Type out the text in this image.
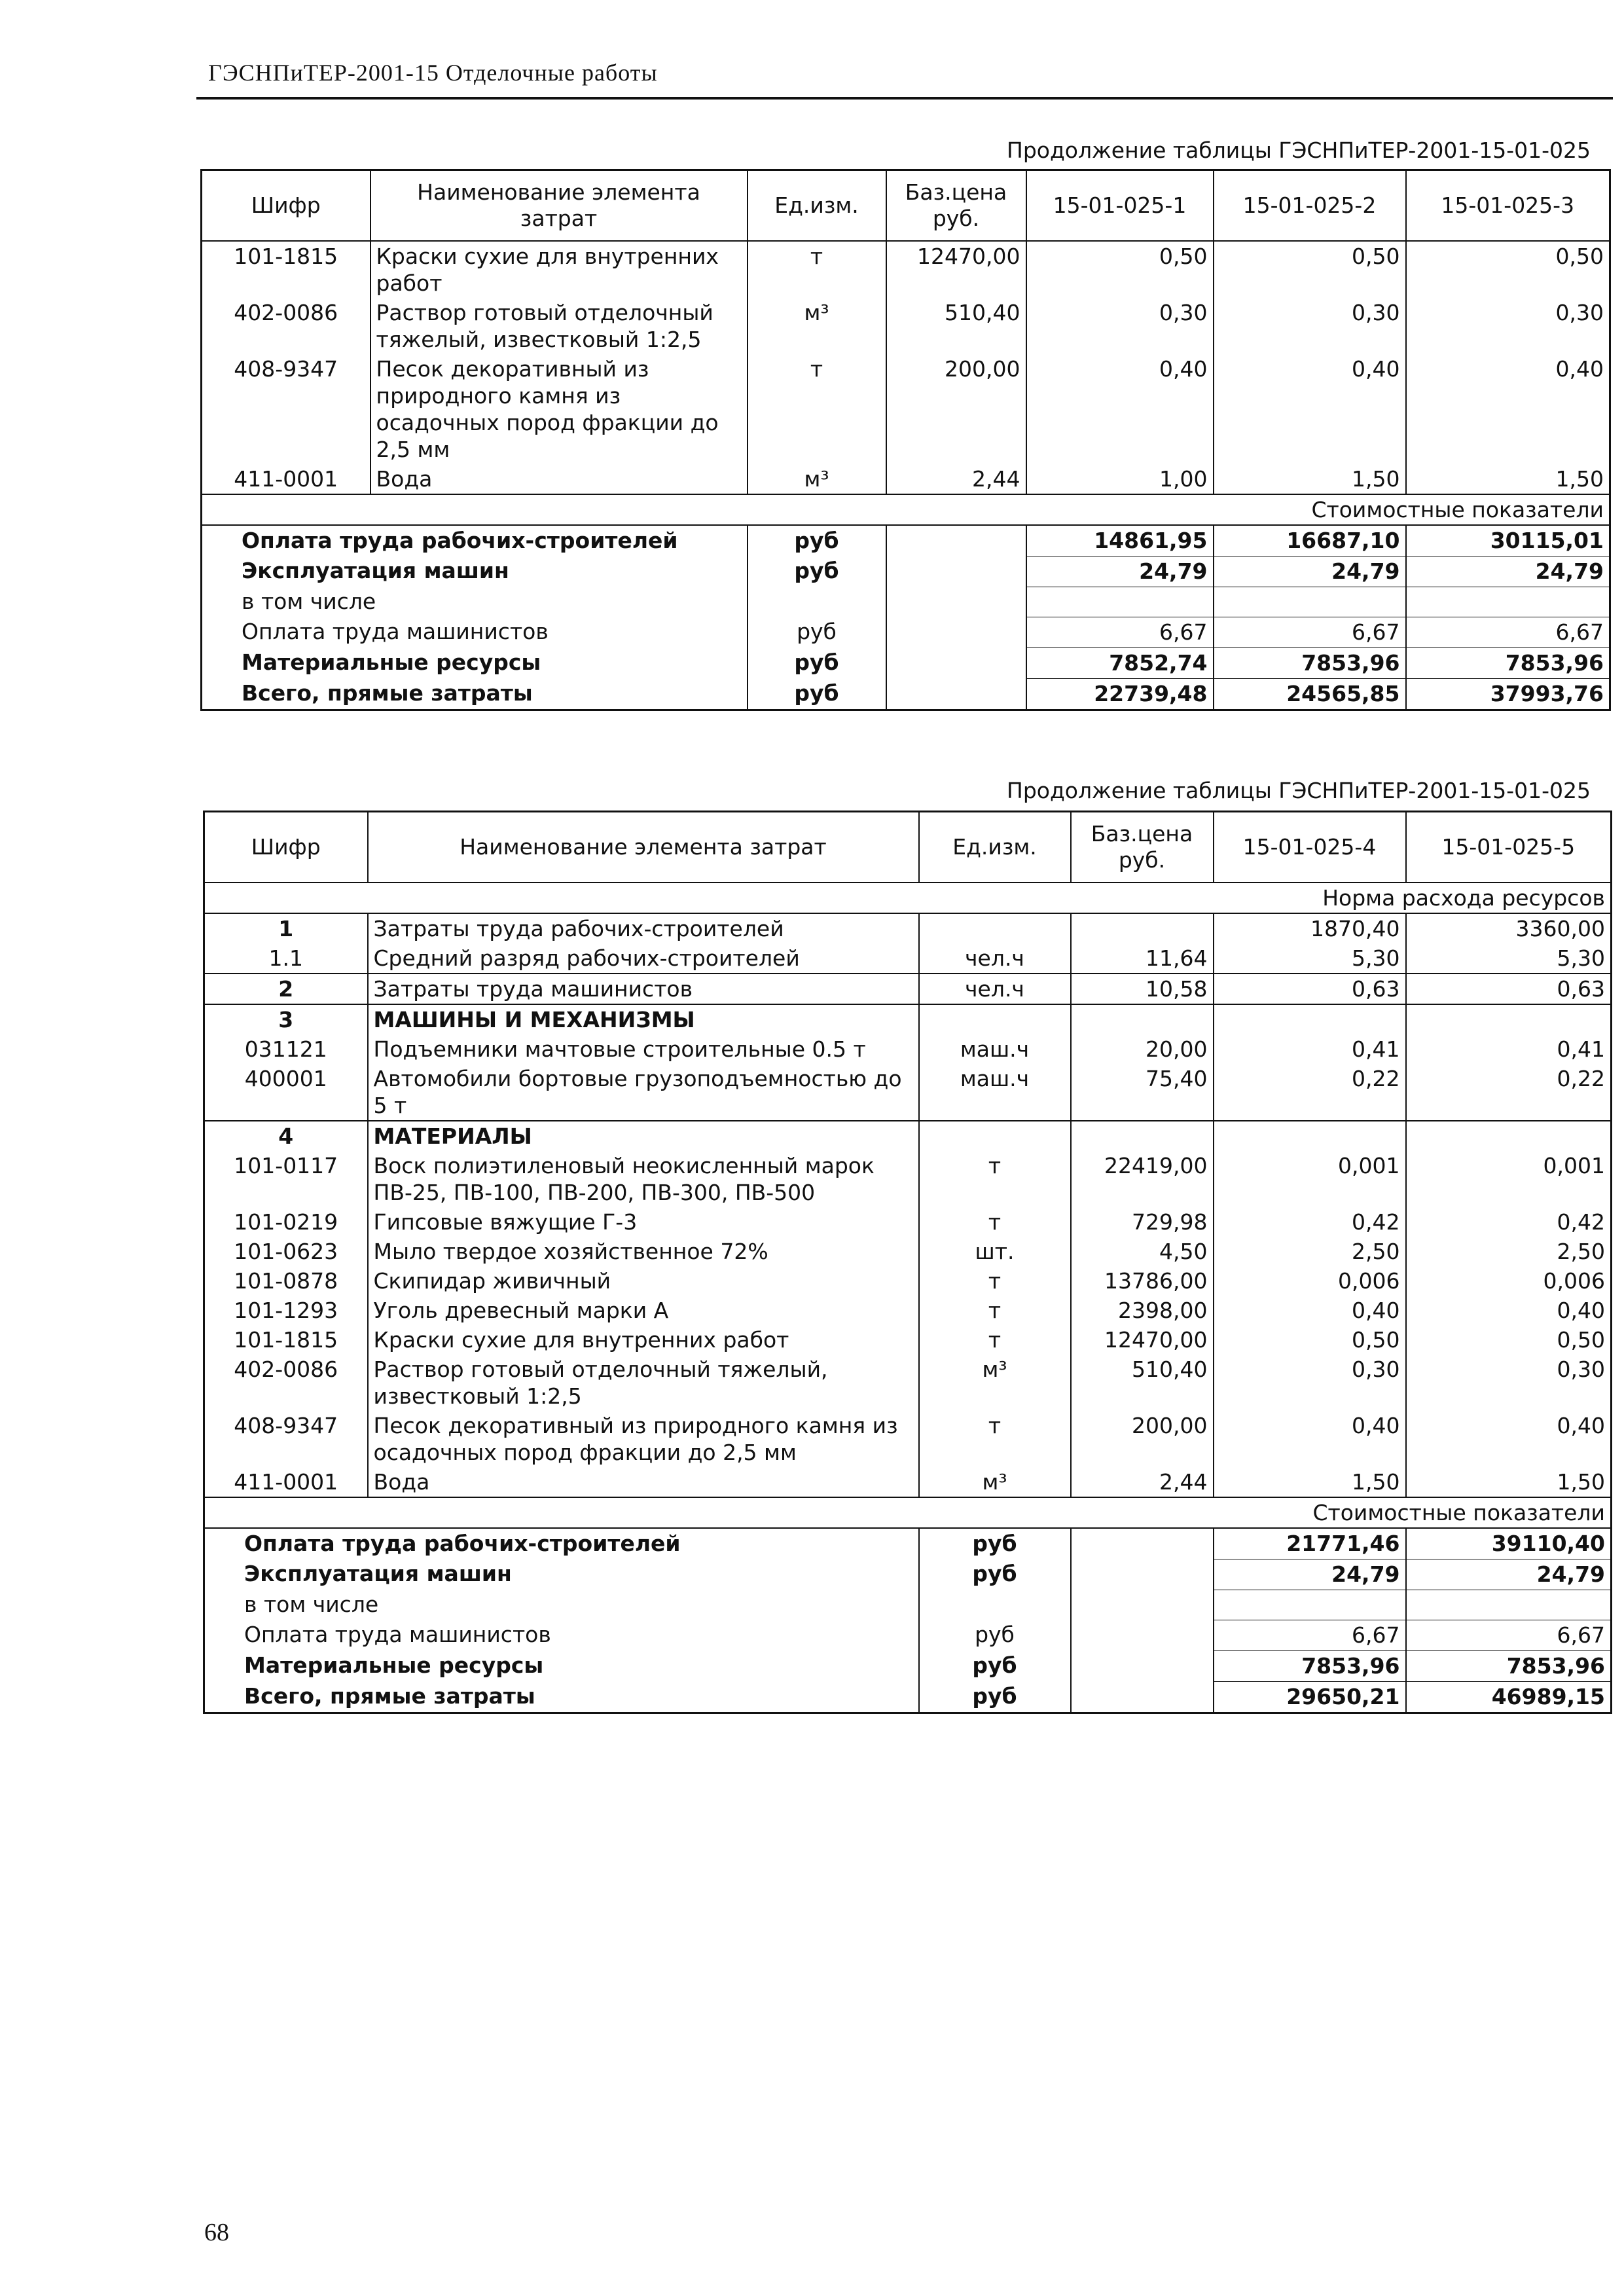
ГЭСНПиТЕР-2001-15 Отделочные работы
Продолжение таблицы ГЭСНПиТЕР-2001-15-01-025
Шифр	Наименование элемента затрат	Ед.изм.	Баз.цена руб.	15-01-025-1	15-01-025-2	15-01-025-3
101-1815	Краски сухие для внутренних работ	т	12470,00	0,50	0,50	0,50
402-0086	Раствор готовый отделочный тяжелый, известковый 1:2,5	м³	510,40	0,30	0,30	0,30
408-9347	Песок декоративный из природного камня из осадочных пород фракции до 2,5 мм	т	200,00	0,40	0,40	0,40
411-0001	Вода	м³	2,44	1,00	1,50	1,50
Стоимостные показатели						
Оплата труда рабочих-строителей		руб		14861,95	16687,10	30115,01
Эксплуатация машин		руб		24,79	24,79	24,79
в том числе						
Оплата труда машинистов		руб		6,67	6,67	6,67
Материальные ресурсы		руб		7852,74	7853,96	7853,96
Всего, прямые затраты		руб		22739,48	24565,85	37993,76
Продолжение таблицы ГЭСНПиТЕР-2001-15-01-025
Шифр	Наименование элемента затрат	Ед.изм.	Баз.цена руб.	15-01-025-4	15-01-025-5
Норма расхода ресурсов					
1	Затраты труда рабочих-строителей			1870,40	3360,00
1.1	Средний разряд рабочих-строителей	чел.ч	11,64	5,30	5,30
2	Затраты труда машинистов	чел.ч	10,58	0,63	0,63
3	МАШИНЫ И МЕХАНИЗМЫ				
031121	Подъемники мачтовые строительные 0.5 т	маш.ч	20,00	0,41	0,41
400001	Автомобили бортовые грузоподъемностью до 5 т	маш.ч	75,40	0,22	0,22
4	МАТЕРИАЛЫ				
101-0117	Воск полиэтиленовый неокисленный марок ПВ-25, ПВ-100, ПВ-200, ПВ-300, ПВ-500	т	22419,00	0,001	0,001
101-0219	Гипсовые вяжущие Г-3	т	729,98	0,42	0,42
101-0623	Мыло твердое хозяйственное 72%	шт.	4,50	2,50	2,50
101-0878	Скипидар живичный	т	13786,00	0,006	0,006
101-1293	Уголь древесный марки А	т	2398,00	0,40	0,40
101-1815	Краски сухие для внутренних работ	т	12470,00	0,50	0,50
402-0086	Раствор готовый отделочный тяжелый, известковый 1:2,5	м³	510,40	0,30	0,30
408-9347	Песок декоративный из природного камня из осадочных пород фракции до 2,5 мм	т	200,00	0,40	0,40
411-0001	Вода	м³	2,44	1,50	1,50
Стоимостные показатели					
Оплата труда рабочих-строителей		руб		21771,46	39110,40
Эксплуатация машин		руб		24,79	24,79
в том числе					
Оплата труда машинистов		руб		6,67	6,67
Материальные ресурсы		руб		7853,96	7853,96
Всего, прямые затраты		руб		29650,21	46989,15
68
